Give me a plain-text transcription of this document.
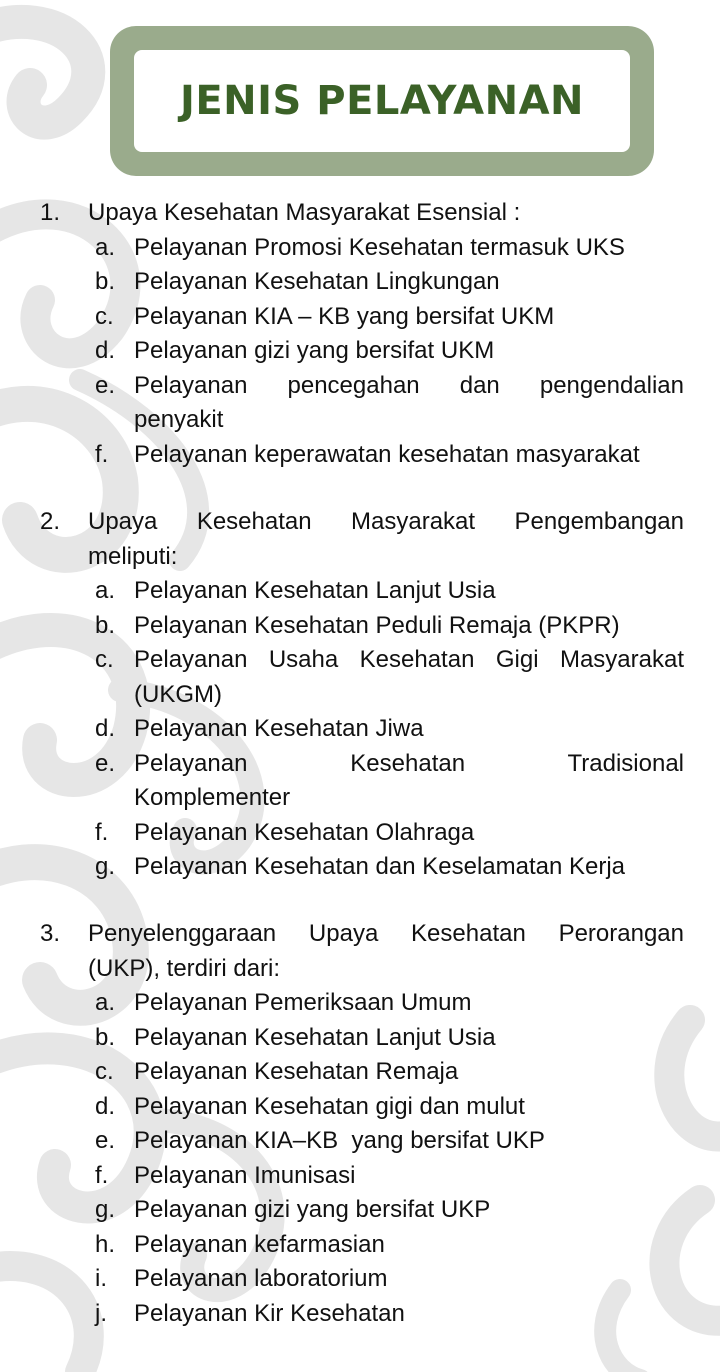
JENIS PELAYANAN
1.	Upaya Kesehatan Masyarakat Esensial :
a. Pelayanan Promosi Kesehatan termasuk UKS
b. Pelayanan Kesehatan Lingkungan
c. Pelayanan KIA – KB yang bersifat UKM
d. Pelayanan gizi yang bersifat UKM
e. Pelayanan pencegahan dan pengendalian
penyakit
f.	Pelayanan keperawatan kesehatan masyarakat
2.	Upaya Kesehatan Masyarakat Pengembangan
meliputi:
a. Pelayanan Kesehatan Lanjut Usia
b. Pelayanan Kesehatan Peduli Remaja (PKPR)
c. Pelayanan Usaha Kesehatan Gigi Masyarakat
(UKGM)
d. Pelayanan Kesehatan Jiwa
e. Pelayanan Kesehatan Tradisional
Komplementer
f.	Pelayanan Kesehatan Olahraga
g. Pelayanan Kesehatan dan Keselamatan Kerja
3.	Penyelenggaraan Upaya Kesehatan Perorangan
(UKP), terdiri dari:
a. Pelayanan Pemeriksaan Umum
b. Pelayanan Kesehatan Lanjut Usia
c. Pelayanan Kesehatan Remaja
d. Pelayanan Kesehatan gigi dan mulut
e. Pelayanan KIA–KB  yang bersifat UKP
f.	Pelayanan Imunisasi
g. Pelayanan gizi yang bersifat UKP
h. Pelayanan kefarmasian
i.	Pelayanan laboratorium
j.	Pelayanan Kir Kesehatan
